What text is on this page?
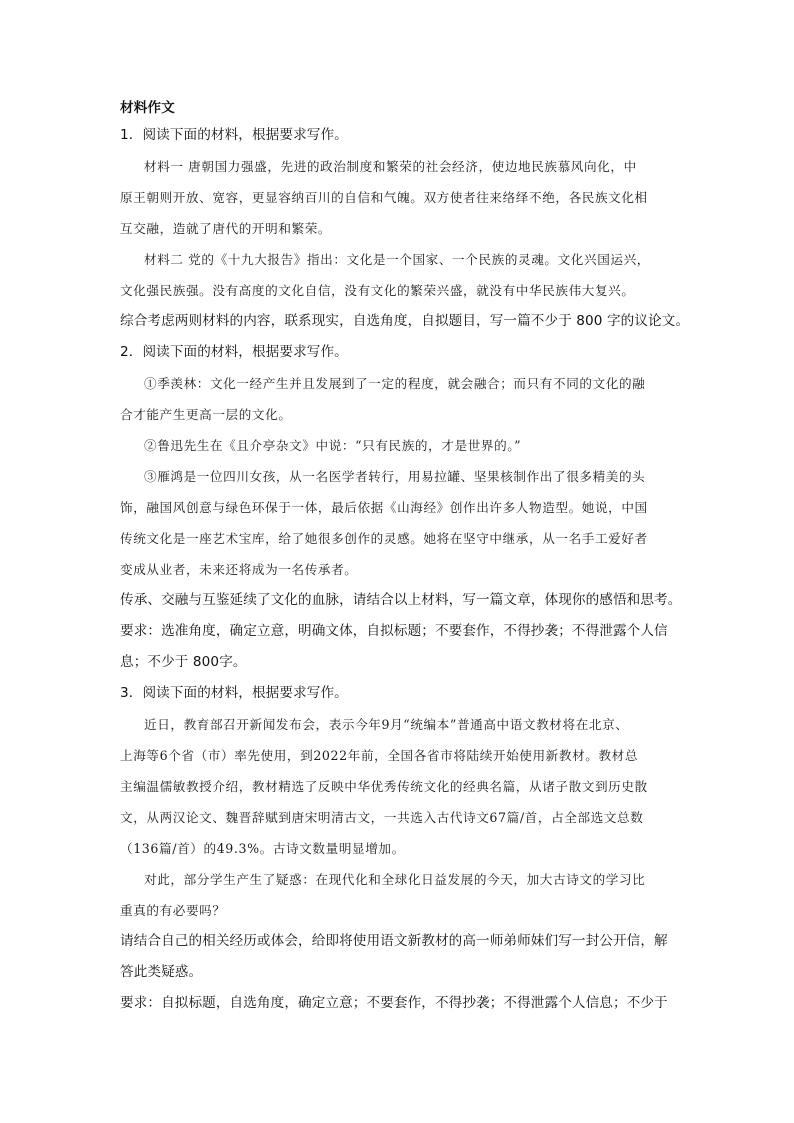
材料作文
1．阅读下面的材料，根据要求写作。
材料一 唐朝国力强盛，先进的政治制度和繁荣的社会经济，使边地民族慕风向化，中
原王朝则开放、宽容，更显容纳百川的自信和气魄。双方使者往来络绎不绝，各民族文化相
互交融，造就了唐代的开明和繁荣。
材料二 党的《十九大报告》指出：文化是一个国家、一个民族的灵魂。文化兴国运兴，
文化强民族强。没有高度的文化自信，没有文化的繁荣兴盛，就没有中华民族伟大复兴。
综合考虑两则材料的内容，联系现实，自选角度，自拟题目，写一篇不少于 800 字的议论文。
2．阅读下面的材料，根据要求写作。
①季羡林：文化一经产生并且发展到了一定的程度，就会融合；而只有不同的文化的融
合才能产生更高一层的文化。
②鲁迅先生在《且介亭杂文》中说：“只有民族的，才是世界的。”
③雁鸿是一位四川女孩，从一名医学者转行，用易拉罐、坚果核制作出了很多精美的头
饰，融国风创意与绿色环保于一体，最后依据《山海经》创作出许多人物造型。她说，中国
传统文化是一座艺术宝库，给了她很多创作的灵感。她将在坚守中继承，从一名手工爱好者
变成从业者，未来还将成为一名传承者。
传承、交融与互鉴延续了文化的血脉，请结合以上材料，写一篇文章，体现你的感悟和思考。
要求：选准角度，确定立意，明确文体，自拟标题；不要套作，不得抄袭；不得泄露个人信
息；不少于 800字。
3．阅读下面的材料，根据要求写作。
近日，教育部召开新闻发布会，表示今年9月“统编本”普通高中语文教材将在北京、
上海等6个省（市）率先使用，到2022年前，全国各省市将陆续开始使用新教材。教材总
主编温儒敏教授介绍，教材精选了反映中华优秀传统文化的经典名篇，从诸子散文到历史散
文，从两汉论文、魏晋辞赋到唐宋明清古文，一共选入古代诗文67篇/首，占全部选文总数
（136篇/首）的49.3%。古诗文数量明显增加。
对此，部分学生产生了疑惑：在现代化和全球化日益发展的今天，加大古诗文的学习比
重真的有必要吗？
请结合自己的相关经历或体会，给即将使用语文新教材的高一师弟师妹们写一封公开信，解
答此类疑惑。
要求：自拟标题，自选角度，确定立意；不要套作，不得抄袭；不得泄露个人信息；不少于
